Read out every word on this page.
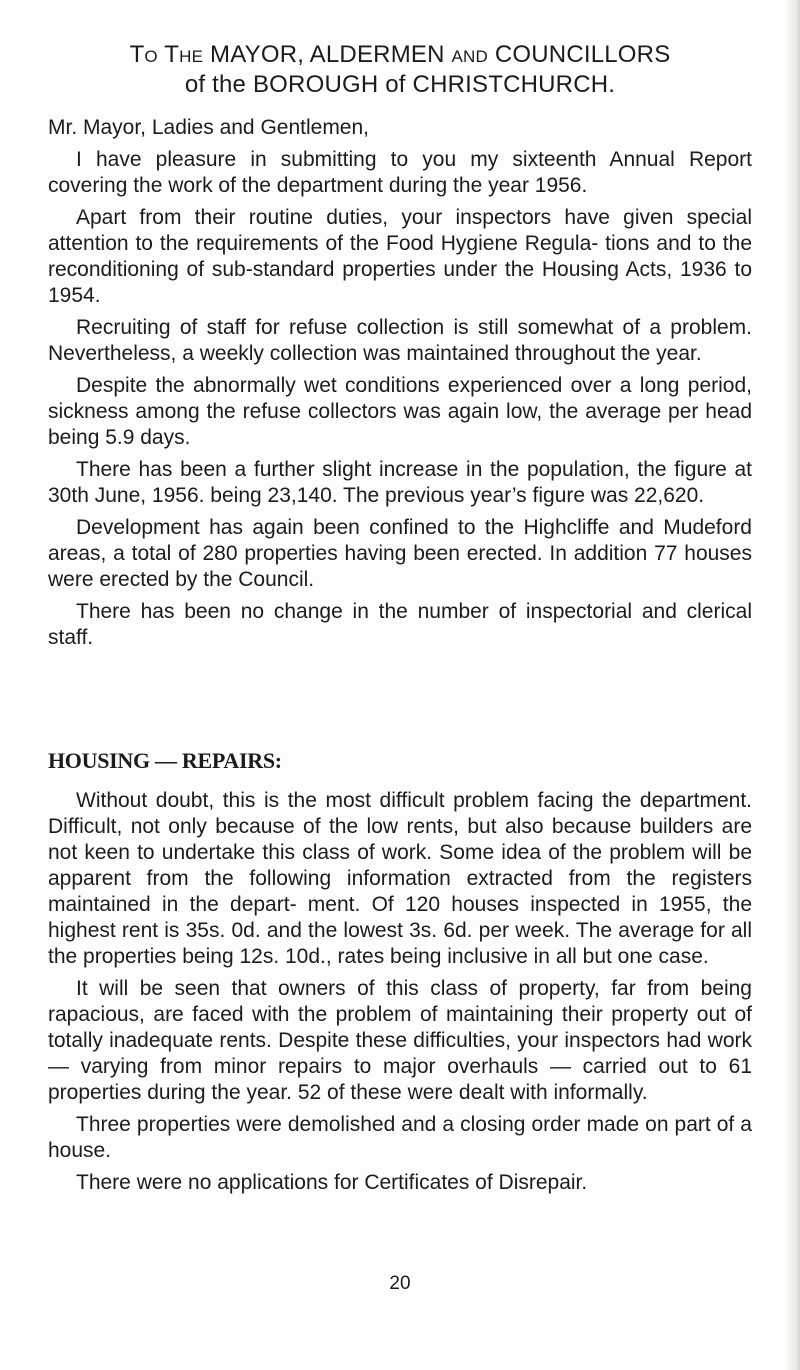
To The MAYOR, ALDERMEN and COUNCILLORS
of the BOROUGH of CHRISTCHURCH.

Mr. Mayor, Ladies and Gentlemen,

I have pleasure in submitting to you my sixteenth Annual Report covering the work of the department during the year 1956.

Apart from their routine duties, your inspectors have given special attention to the requirements of the Food Hygiene Regula- tions and to the reconditioning of sub-standard properties under the Housing Acts, 1936 to 1954.

Recruiting of staff for refuse collection is still somewhat of a problem. Nevertheless, a weekly collection was maintained throughout the year.

Despite the abnormally wet conditions experienced over a long period, sickness among the refuse collectors was again low, the average per head being 5.9 days.

There has been a further slight increase in the population, the figure at 30th June, 1956. being 23,140. The previous year’s figure was 22,620.

Development has again been confined to the Highcliffe and Mudeford areas, a total of 280 properties having been erected. In addition 77 houses were erected by the Council.

There has been no change in the number of inspectorial and clerical staff.

HOUSING — REPAIRS:

Without doubt, this is the most difficult problem facing the department. Difficult, not only because of the low rents, but also because builders are not keen to undertake this class of work. Some idea of the problem will be apparent from the following information extracted from the registers maintained in the depart- ment. Of 120 houses inspected in 1955, the highest rent is 35s. 0d. and the lowest 3s. 6d. per week. The average for all the properties being 12s. 10d., rates being inclusive in all but one case.

It will be seen that owners of this class of property, far from being rapacious, are faced with the problem of maintaining their property out of totally inadequate rents. Despite these difficulties, your inspectors had work — varying from minor repairs to major overhauls — carried out to 61 properties during the year. 52 of these were dealt with informally.

Three properties were demolished and a closing order made on part of a house.

There were no applications for Certificates of Disrepair.

20
